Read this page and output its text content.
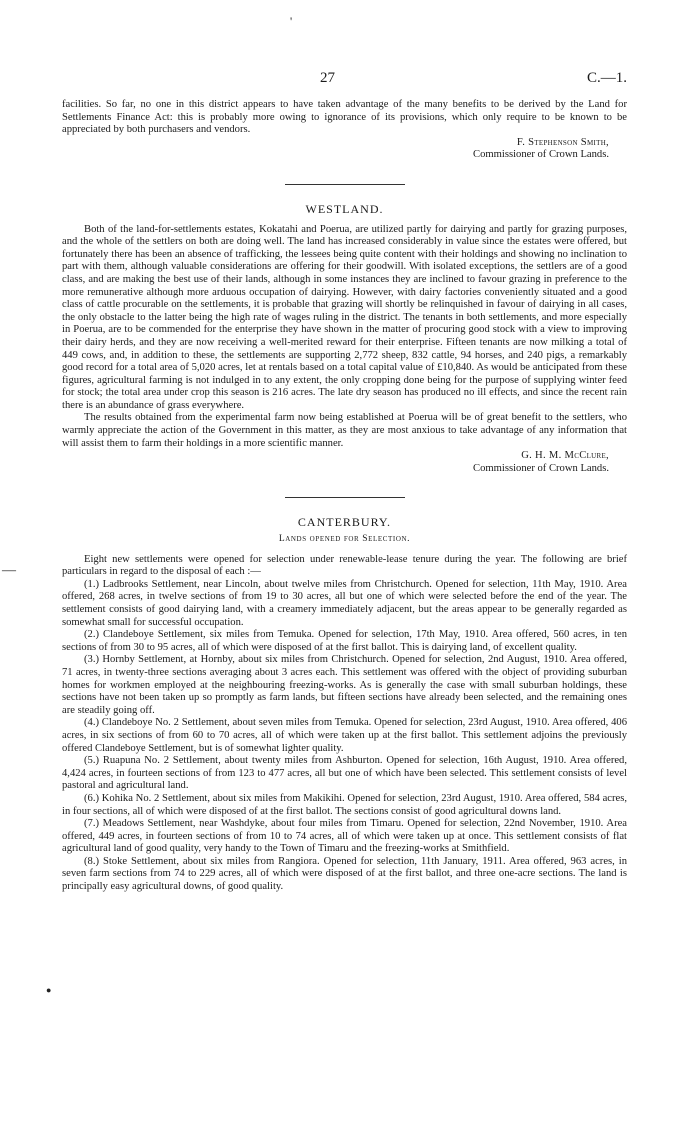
27	C.—1.
'
—
●

facilities. So far, no one in this district appears to have taken advantage of the many benefits to be derived by the Land for Settlements Finance Act: this is probably more owing to ignorance of its provisions, which only require to be known to be appreciated by both purchasers and vendors.

F. Stephenson Smith,
Commissioner of Crown Lands.

WESTLAND.

Both of the land-for-settlements estates, Kokatahi and Poerua, are utilized partly for dairying and partly for grazing purposes, and the whole of the settlers on both are doing well. The land has increased considerably in value since the estates were offered, but fortunately there has been an absence of trafficking, the lessees being quite content with their holdings and showing no inclination to part with them, although valuable considerations are offering for their goodwill. With isolated exceptions, the settlers are of a good class, and are making the best use of their lands, although in some instances they are inclined to favour grazing in preference to the more remunerative although more arduous occupation of dairying. However, with dairy factories conveniently situated and a good class of cattle procurable on the settlements, it is probable that grazing will shortly be relinquished in favour of dairying in all cases, the only obstacle to the latter being the high rate of wages ruling in the district. The tenants in both settlements, and more especially in Poerua, are to be commended for the enterprise they have shown in the matter of procuring good stock with a view to improving their dairy herds, and they are now receiving a well-merited reward for their enterprise. Fifteen tenants are now milking a total of 449 cows, and, in addition to these, the settlements are supporting 2,772 sheep, 832 cattle, 94 horses, and 240 pigs, a remarkably good record for a total area of 5,020 acres, let at rentals based on a total capital value of £10,840. As would be anticipated from these figures, agricultural farming is not indulged in to any extent, the only cropping done being for the purpose of supplying winter feed for stock; the total area under crop this season is 216 acres. The late dry season has produced no ill effects, and since the recent rain there is an abundance of grass everywhere.

The results obtained from the experimental farm now being established at Poerua will be of great benefit to the settlers, who warmly appreciate the action of the Government in this matter, as they are most anxious to take advantage of any information that will assist them to farm their holdings in a more scientific manner.

G. H. M. McClure,
Commissioner of Crown Lands.

CANTERBURY.
Lands opened for Selection.

Eight new settlements were opened for selection under renewable-lease tenure during the year. The following are brief particulars in regard to the disposal of each :—

(1.) Ladbrooks Settlement, near Lincoln, about twelve miles from Christchurch. Opened for selection, 11th May, 1910. Area offered, 268 acres, in twelve sections of from 19 to 30 acres, all but one of which were selected before the end of the year. The settlement consists of good dairying land, with a creamery immediately adjacent, but the areas appear to be generally regarded as somewhat small for successful occupation.

(2.) Clandeboye Settlement, six miles from Temuka. Opened for selection, 17th May, 1910. Area offered, 560 acres, in ten sections of from 30 to 95 acres, all of which were disposed of at the first ballot. This is dairying land, of excellent quality.

(3.) Hornby Settlement, at Hornby, about six miles from Christchurch. Opened for selection, 2nd August, 1910. Area offered, 71 acres, in twenty-three sections averaging about 3 acres each. This settlement was offered with the object of providing suburban homes for workmen employed at the neighbouring freezing-works. As is generally the case with small suburban holdings, these sections have not been taken up so promptly as farm lands, but fifteen sections have already been selected, and the remaining ones are steadily going off.

(4.) Clandeboye No. 2 Settlement, about seven miles from Temuka. Opened for selection, 23rd August, 1910. Area offered, 406 acres, in six sections of from 60 to 70 acres, all of which were taken up at the first ballot. This settlement adjoins the previously offered Clandeboye Settlement, but is of somewhat lighter quality.

(5.) Ruapuna No. 2 Settlement, about twenty miles from Ashburton. Opened for selection, 16th August, 1910. Area offered, 4,424 acres, in fourteen sections of from 123 to 477 acres, all but one of which have been selected. This settlement consists of level pastoral and agricultural land.

(6.) Kohika No. 2 Settlement, about six miles from Makikihi. Opened for selection, 23rd August, 1910. Area offered, 584 acres, in four sections, all of which were disposed of at the first ballot. The sections consist of good agricultural downs land.

(7.) Meadows Settlement, near Washdyke, about four miles from Timaru. Opened for selection, 22nd November, 1910. Area offered, 449 acres, in fourteen sections of from 10 to 74 acres, all of which were taken up at once. This settlement consists of flat agricultural land of good quality, very handy to the Town of Timaru and the freezing-works at Smithfield.

(8.) Stoke Settlement, about six miles from Rangiora. Opened for selection, 11th January, 1911. Area offered, 963 acres, in seven farm sections from 74 to 229 acres, all of which were disposed of at the first ballot, and three one-acre sections. The land is principally easy agricultural downs, of good quality.
